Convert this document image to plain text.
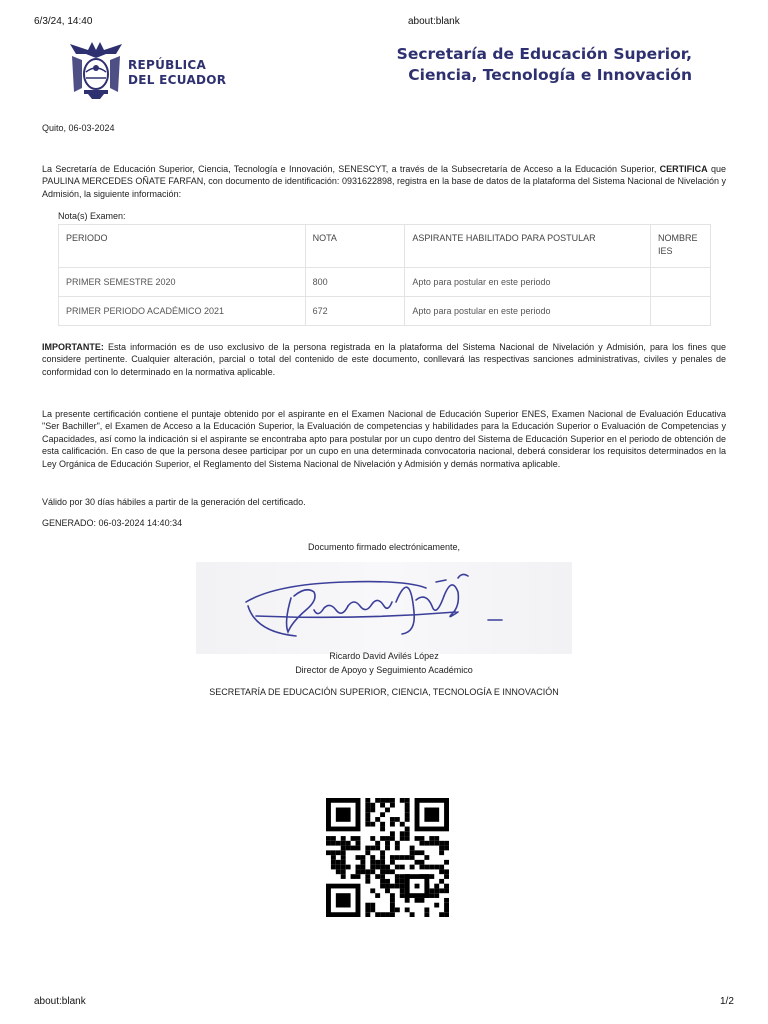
6/3/24, 14:40	about:blank
REPÚBLICA
DEL ECUADOR
Secretaría de Educación Superior,
Ciencia, Tecnología e Innovación
Quito, 06-03-2024
La Secretaría de Educación Superior, Ciencia, Tecnología e Innovación, SENESCYT, a través de la Subsecretaría de Acceso a la Educación Superior, CERTIFICA que PAULINA MERCEDES OÑATE FARFAN, con documento de identificación: 0931622898, registra en la base de datos de la plataforma del Sistema Nacional de Nivelación y Admisión, la siguiente información:
Nota(s) Examen:
PERIODO	NOTA	ASPIRANTE HABILITADO PARA POSTULAR	NOMBRE IES
PRIMER SEMESTRE 2020	800	Apto para postular en este periodo	
PRIMER PERIODO ACADÉMICO 2021	672	Apto para postular en este periodo	
IMPORTANTE: Esta información es de uso exclusivo de la persona registrada en la plataforma del Sistema Nacional de Nivelación y Admisión, para los fines que considere pertinente. Cualquier alteración, parcial o total del contenido de este documento, conllevará las respectivas sanciones administrativas, civiles y penales de conformidad con lo determinado en la normativa aplicable.
La presente certificación contiene el puntaje obtenido por el aspirante en el Examen Nacional de Educación Superior ENES, Examen Nacional de Evaluación Educativa "Ser Bachiller", el Examen de Acceso a la Educación Superior, la Evaluación de competencias y habilidades para la Educación Superior o Evaluación de Competencias y Capacidades, así como la indicación si el aspirante se encontraba apto para postular por un cupo dentro del Sistema de Educación Superior en el periodo de obtención de esta calificación. En caso de que la persona desee participar por un cupo en una determinada convocatoria nacional, deberá considerar los requisitos determinados en la Ley Orgánica de Educación Superior, el Reglamento del Sistema Nacional de Nivelación y Admisión y demás normativa aplicable.
Válido por 30 días hábiles a partir de la generación del certificado.
GENERADO: 06-03-2024 14:40:34
Documento firmado electrónicamente,
Ricardo David Avilés López
Director de Apoyo y Seguimiento Académico
SECRETARÍA DE EDUCACIÓN SUPERIOR, CIENCIA, TECNOLOGÍA E INNOVACIÓN
about:blank	1/2
